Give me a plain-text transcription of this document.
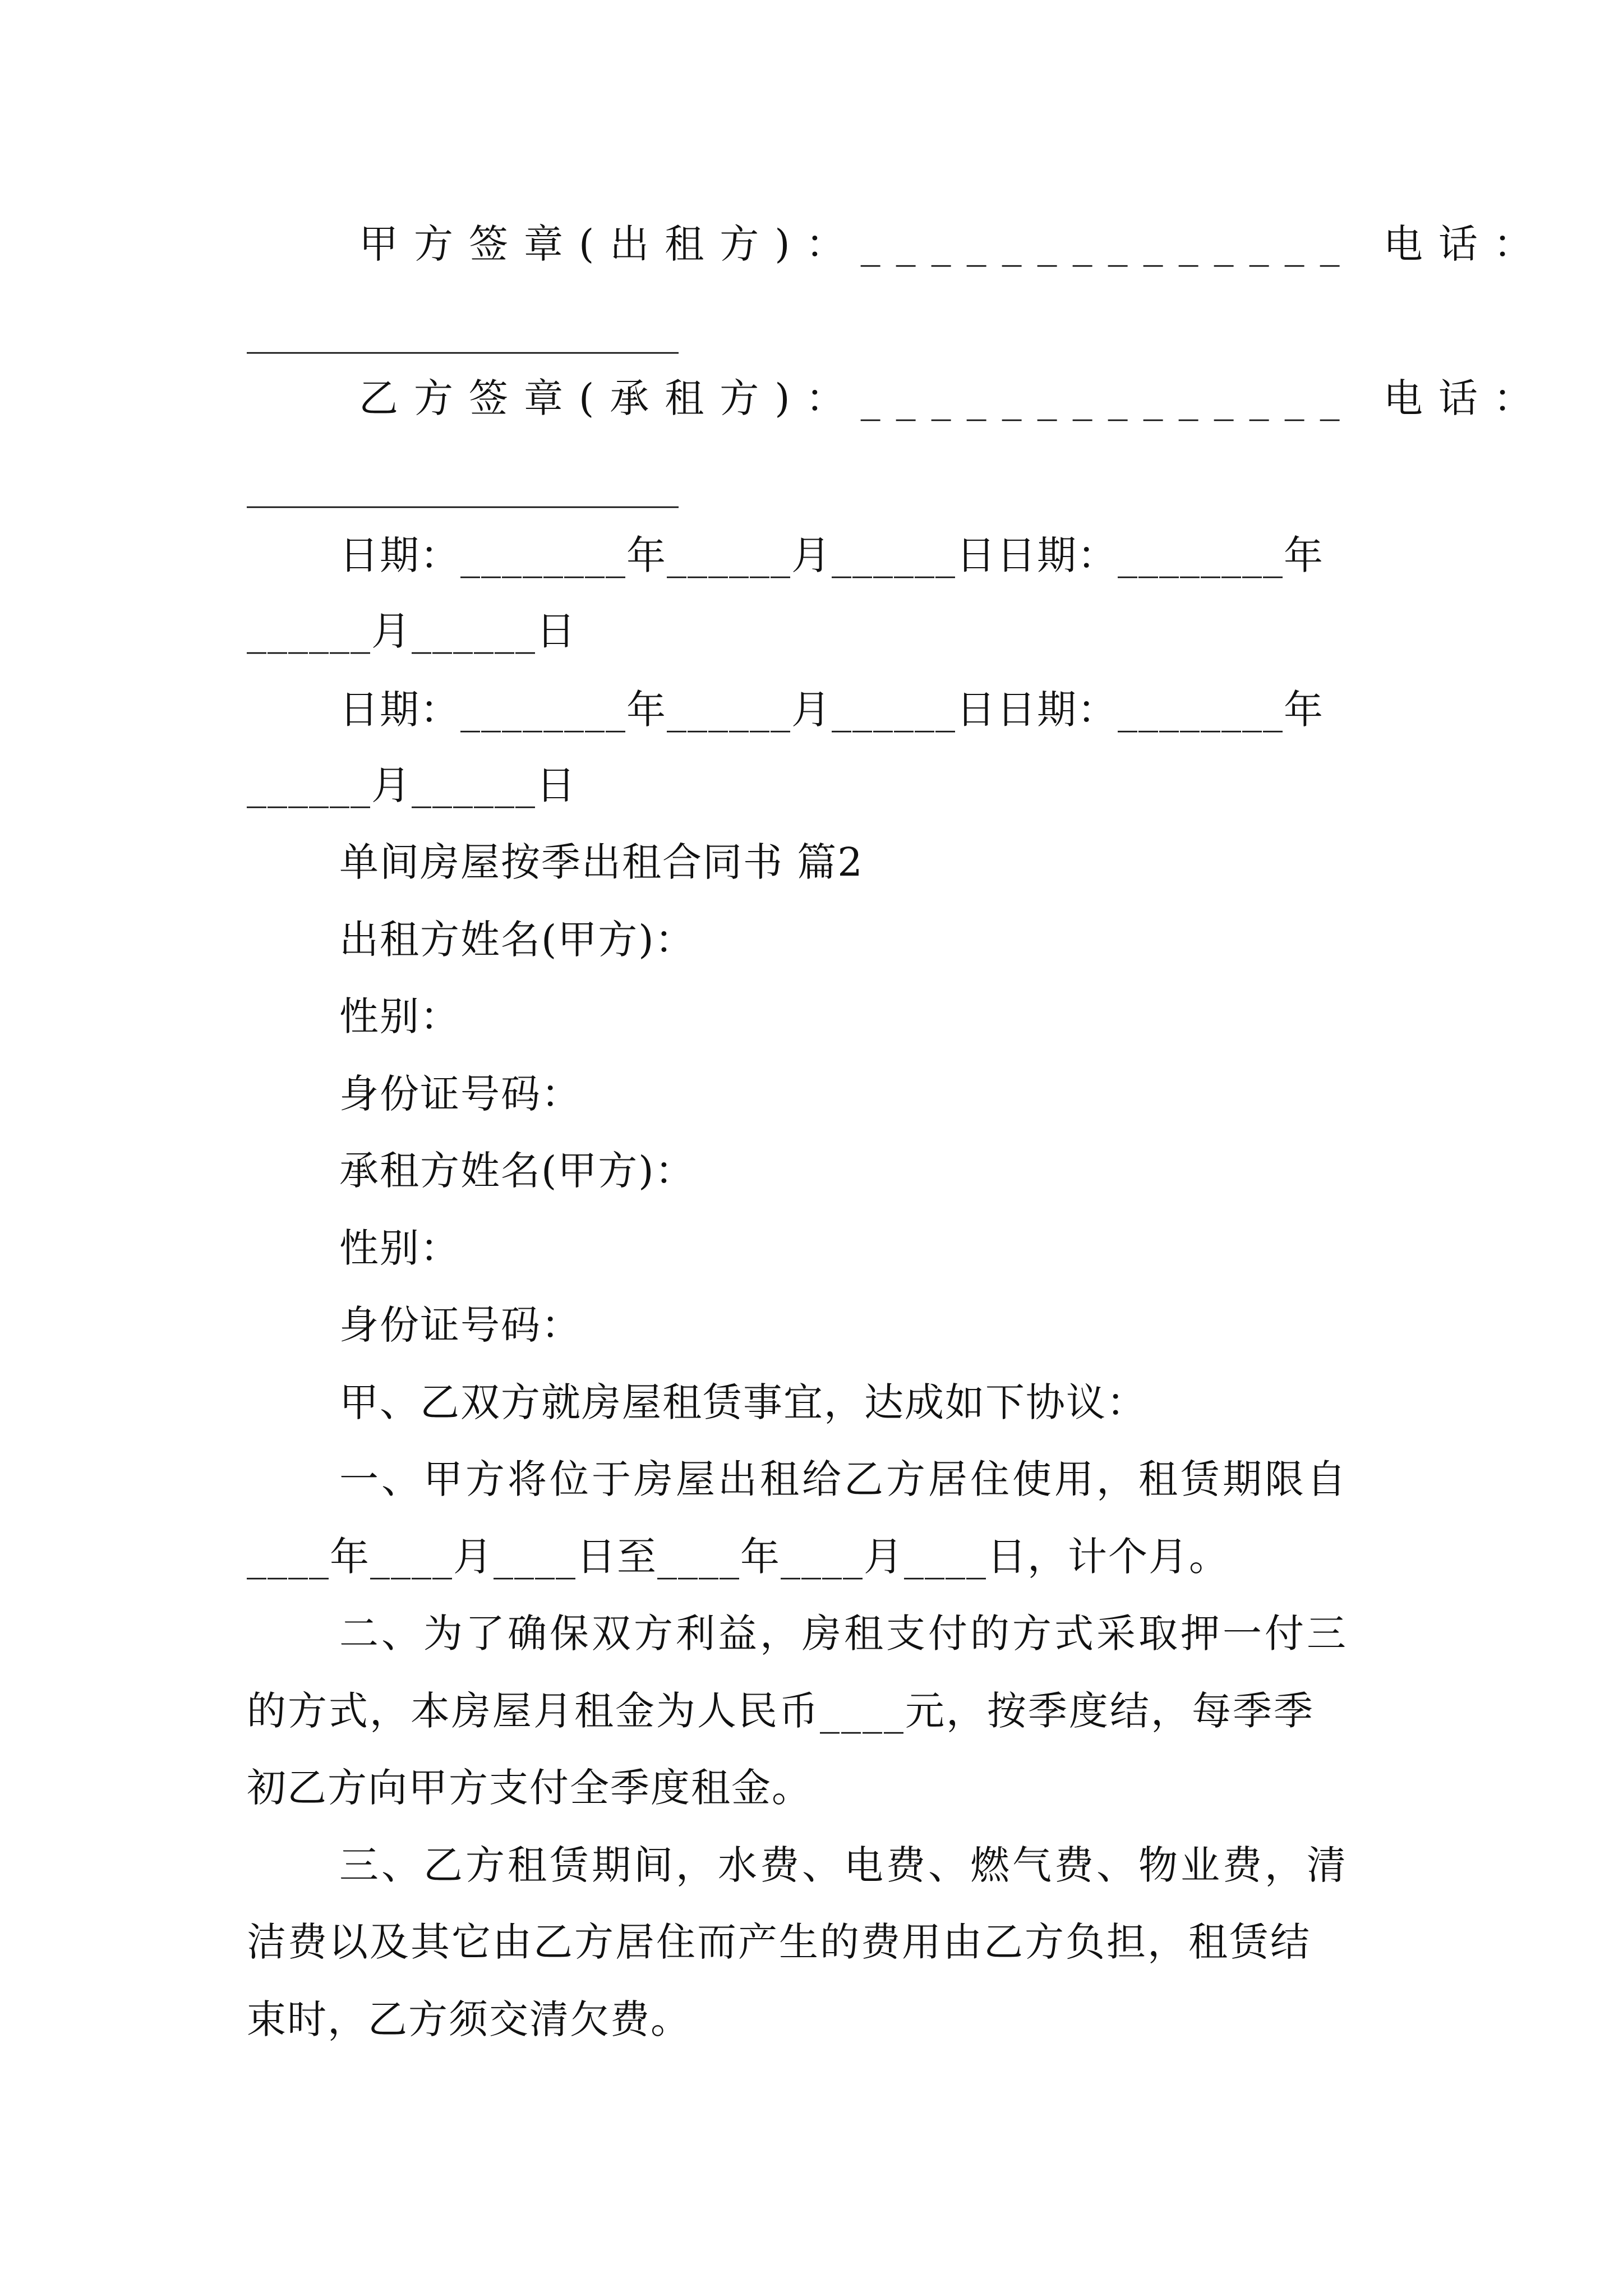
甲方签章(出租方)：______________ 电话：
______________________
乙方签章(承租方)：______________ 电话：
______________________
日期：________年______月______日日期：________年
______月______日
日期：________年______月______日日期：________年
______月______日
单间房屋按季出租合同书 篇2
出租方姓名(甲方)：
性别：
身份证号码：
承租方姓名(甲方)：
性别：
身份证号码：
甲、乙双方就房屋租赁事宜，达成如下协议：
一、甲方将位于房屋出租给乙方居住使用，租赁期限自
____年____月____日至____年____月____日，计个月。
二、为了确保双方利益，房租支付的方式采取押一付三
的方式，本房屋月租金为人民币____元，按季度结，每季季
初乙方向甲方支付全季度租金。
三、乙方租赁期间，水费、电费、燃气费、物业费，清
洁费以及其它由乙方居住而产生的费用由乙方负担，租赁结
束时，乙方须交清欠费。
